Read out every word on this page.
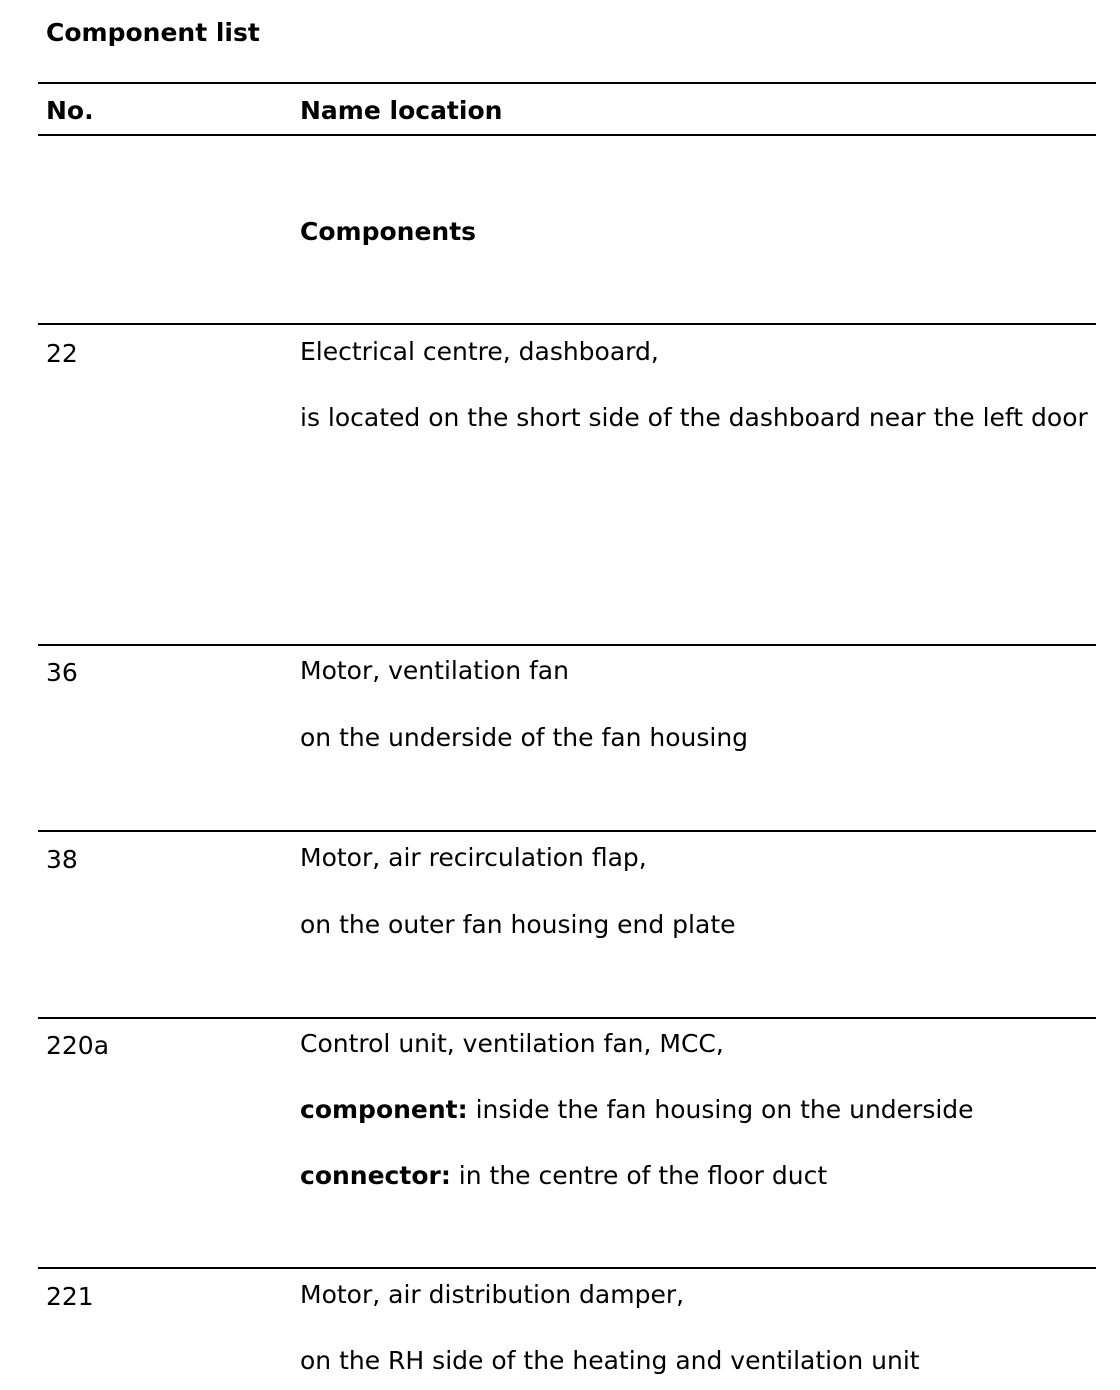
Component list
No.	Name location
Components
22	Electrical centre, dashboard,
is located on the short side of the dashboard near the left door
36	Motor, ventilation fan
on the underside of the fan housing
38	Motor, air recirculation flap,
on the outer fan housing end plate
220a	Control unit, ventilation fan, MCC,
component: inside the fan housing on the underside
connector: in the centre of the floor duct
221	Motor, air distribution damper,
on the RH side of the heating and ventilation unit
